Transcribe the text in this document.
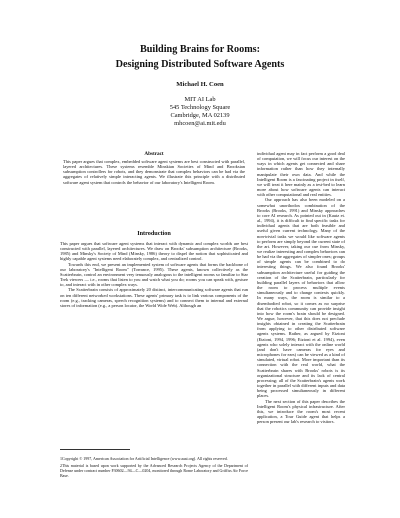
Building Brains for Rooms:
Designing Distributed Software Agents
Michael H. Coen
MIT AI Lab
545 Technology Square
Cambridge, MA 02139
mhcoen@ai.mit.edu
Abstract

This paper argues that complex, embedded software agent systems are best constructed with parallel, layered architectures. These systems resemble Minskian Societies of Mind and Brooksian subsumption controllers for robots, and they demonstrate that complex behaviors can be had via the aggregates of relatively simple interacting agents. We illustrate this principle with a distributed software agent system that controls the behavior of our laboratory's Intelligent Room.

Introduction

This paper argues that software agent systems that interact with dynamic and complex worlds are best constructed with parallel, layered architectures. We draw on Brooks' subsumption architecture (Brooks, 1985) and Minsky's Society of Mind (Minsky, 1986) theory to dispel the notion that sophisticated and highly capable agent systems need elaborately complex, and centralized control.

Towards this end, we present an implemented system of software agents that forms the backbone of our laboratory's "Intelligent Room" (Torrance, 1995). These agents, known collectively as the Scatterbrain, control an environment very tenuously analogous to the intelligent rooms so familiar to Star Trek viewers — i.e., rooms that listen to you and watch what you do; rooms you can speak with, gesture to, and interact with in other complex ways.

The Scatterbrain consists of approximately 20 distinct, intercommunicating software agents that run on ten different networked workstations. These agents' primary task is to link various components of the room (e.g., tracking cameras, speech recognition systems) and to connect them to internal and external stores of information (e.g., a person locator, the World Wide Web). Although an

1Copyright © 1997, American Association for Artificial Intelligence (www.aaai.org). All rights reserved.

2This material is based upon work supported by the Advanced Research Projects Agency of the Department of Defense under contract number F30602—94—C—0204, monitored through Rome Laboratory and Griffiss Air Force Base.

individual agent may in fact perform a good deal of computation, we will focus our interest on the ways in which agents get connected and share information rather than how they internally manipulate their own data. And while the Intelligent Room is a fascinating project in itself, we will treat it here mainly as a test-bed to learn more about how software agents can interact with other computational and real entities.

Our approach has also been modeled on a somewhat unorthodox combination of the Brooks (Brooks, 1991) and Minsky approaches to core AI research. As pointed out in (Kautz et. al., 1994), it is difficult to find specific tasks for individual agents that are both feasible and useful given current technology. Many of the non-trivial tasks we would like software agents to perform are simply beyond the current state of the art. However, taking our cue from Minsky, we realize interesting and complex behaviors can be had via the aggregates of simpler ones; groups of simple agents can be combined to do interesting things. We also found Brooks' subsumption architecture useful for guiding the creation of the Scatterbrain, particularly for building parallel layers of behaviors that allow the room to process multiple events simultaneously and to change contexts quickly. In many ways, the room is similar to a disembodied robot, so it comes as no surprise that the robotics community can provide insight into how the room's brain should be designed. We argue, however, that this does not preclude insights obtained in creating the Scatterbrain from applying to other distributed software agents systems. Rather, as argued by Etzioni (Etzioni, 1994, 1996; Etzioni et al. 1994), even agents who solely interact with the online world (and don't have cameras for eyes and microphones for ears) can be viewed as a kind of simulated, virtual robot. More important than its connection with the real world, what the Scatterbrain shares with Brooks' robots is its organizational structure and its lack of central processing; all of the Scatterbrain's agents work together in parallel with different inputs and data being processed simultaneously in different places.

The next section of this paper describes the Intelligent Room's physical infrastructure. After this, we introduce the room's most recent application, a Tour Guide agent that helps a person present our lab's research to visitors.
